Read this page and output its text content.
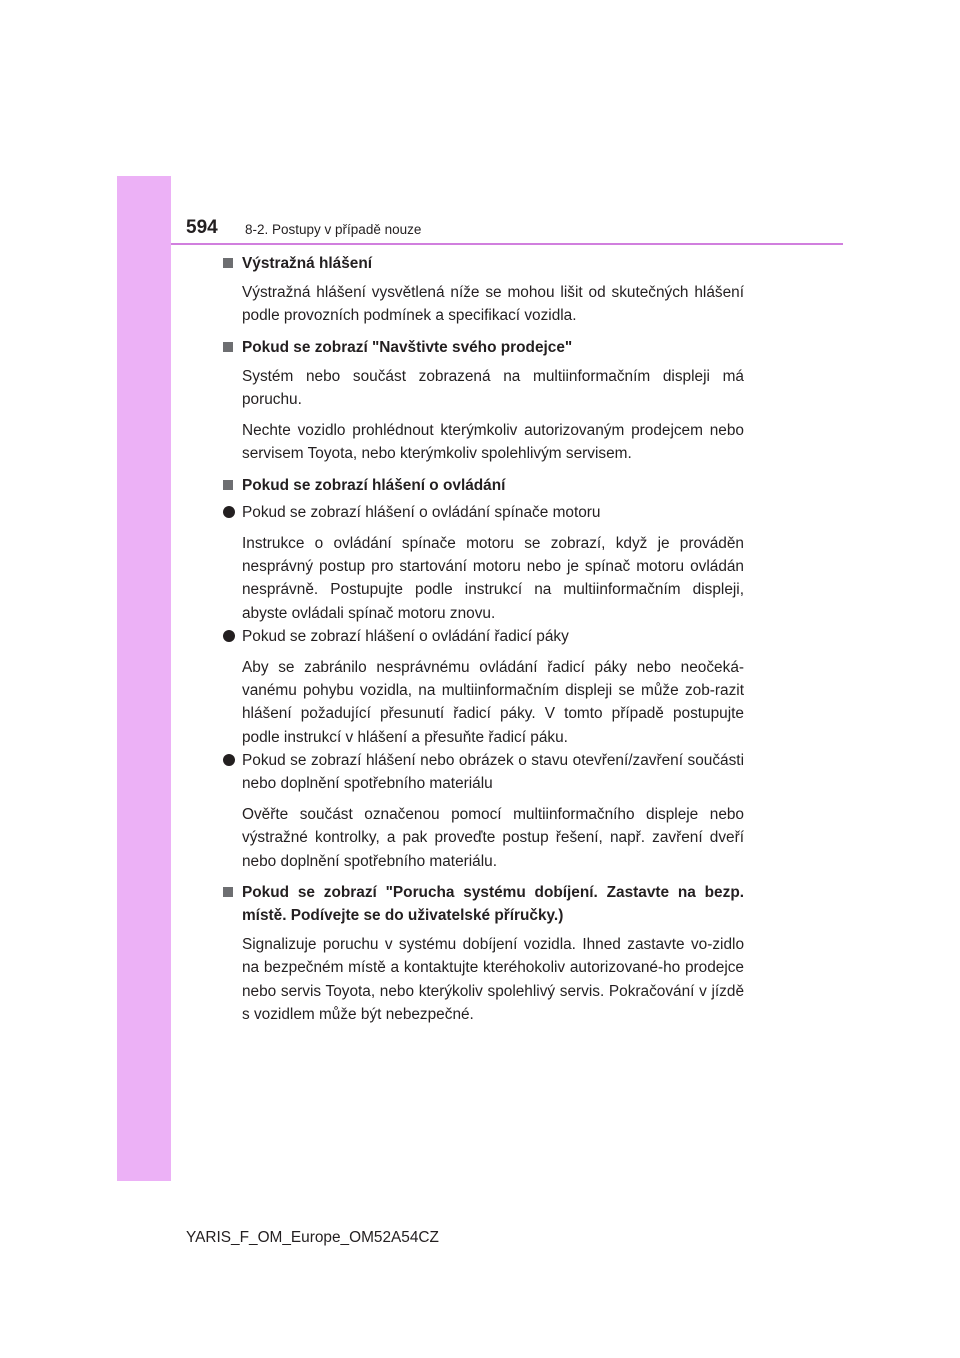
594 8-2. Postupy v případě nouze
Výstražná hlášení
Výstražná hlášení vysvětlená níže se mohou lišit od skutečných hlášení podle provozních podmínek a specifikací vozidla.
Pokud se zobrazí "Navštivte svého prodejce"
Systém nebo součást zobrazená na multiinformačním displeji má poruchu.
Nechte vozidlo prohlédnout kterýmkoliv autorizovaným prodejcem nebo servisem Toyota, nebo kterýmkoliv spolehlivým servisem.
Pokud se zobrazí hlášení o ovládání
Pokud se zobrazí hlášení o ovládání spínače motoru
Instrukce o ovládání spínače motoru se zobrazí, když je prováděn nesprávný postup pro startování motoru nebo je spínač motoru ovládán nesprávně. Postupujte podle instrukcí na multiinformačním displeji, abyste ovládali spínač motoru znovu.
Pokud se zobrazí hlášení o ovládání řadicí páky
Aby se zabránilo nesprávnému ovládání řadicí páky nebo neočeká-vanému pohybu vozidla, na multiinformačním displeji se může zob-razit hlášení požadující přesunutí řadicí páky. V tomto případě postupujte podle instrukcí v hlášení a přesuňte řadicí páku.
Pokud se zobrazí hlášení nebo obrázek o stavu otevření/zavření součásti nebo doplnění spotřebního materiálu
Ověřte součást označenou pomocí multiinformačního displeje nebo výstražné kontrolky, a pak proveďte postup řešení, např. zavření dveří nebo doplnění spotřebního materiálu.
Pokud se zobrazí "Porucha systému dobíjení. Zastavte na bezp. místě. Podívejte se do uživatelské příručky.)
Signalizuje poruchu v systému dobíjení vozidla. Ihned zastavte vo-zidlo na bezpečném místě a kontaktujte kteréhokoliv autorizované-ho prodejce nebo servis Toyota, nebo kterýkoliv spolehlivý servis. Pokračování v jízdě s vozidlem může být nebezpečné.
YARIS_F_OM_Europe_OM52A54CZ
